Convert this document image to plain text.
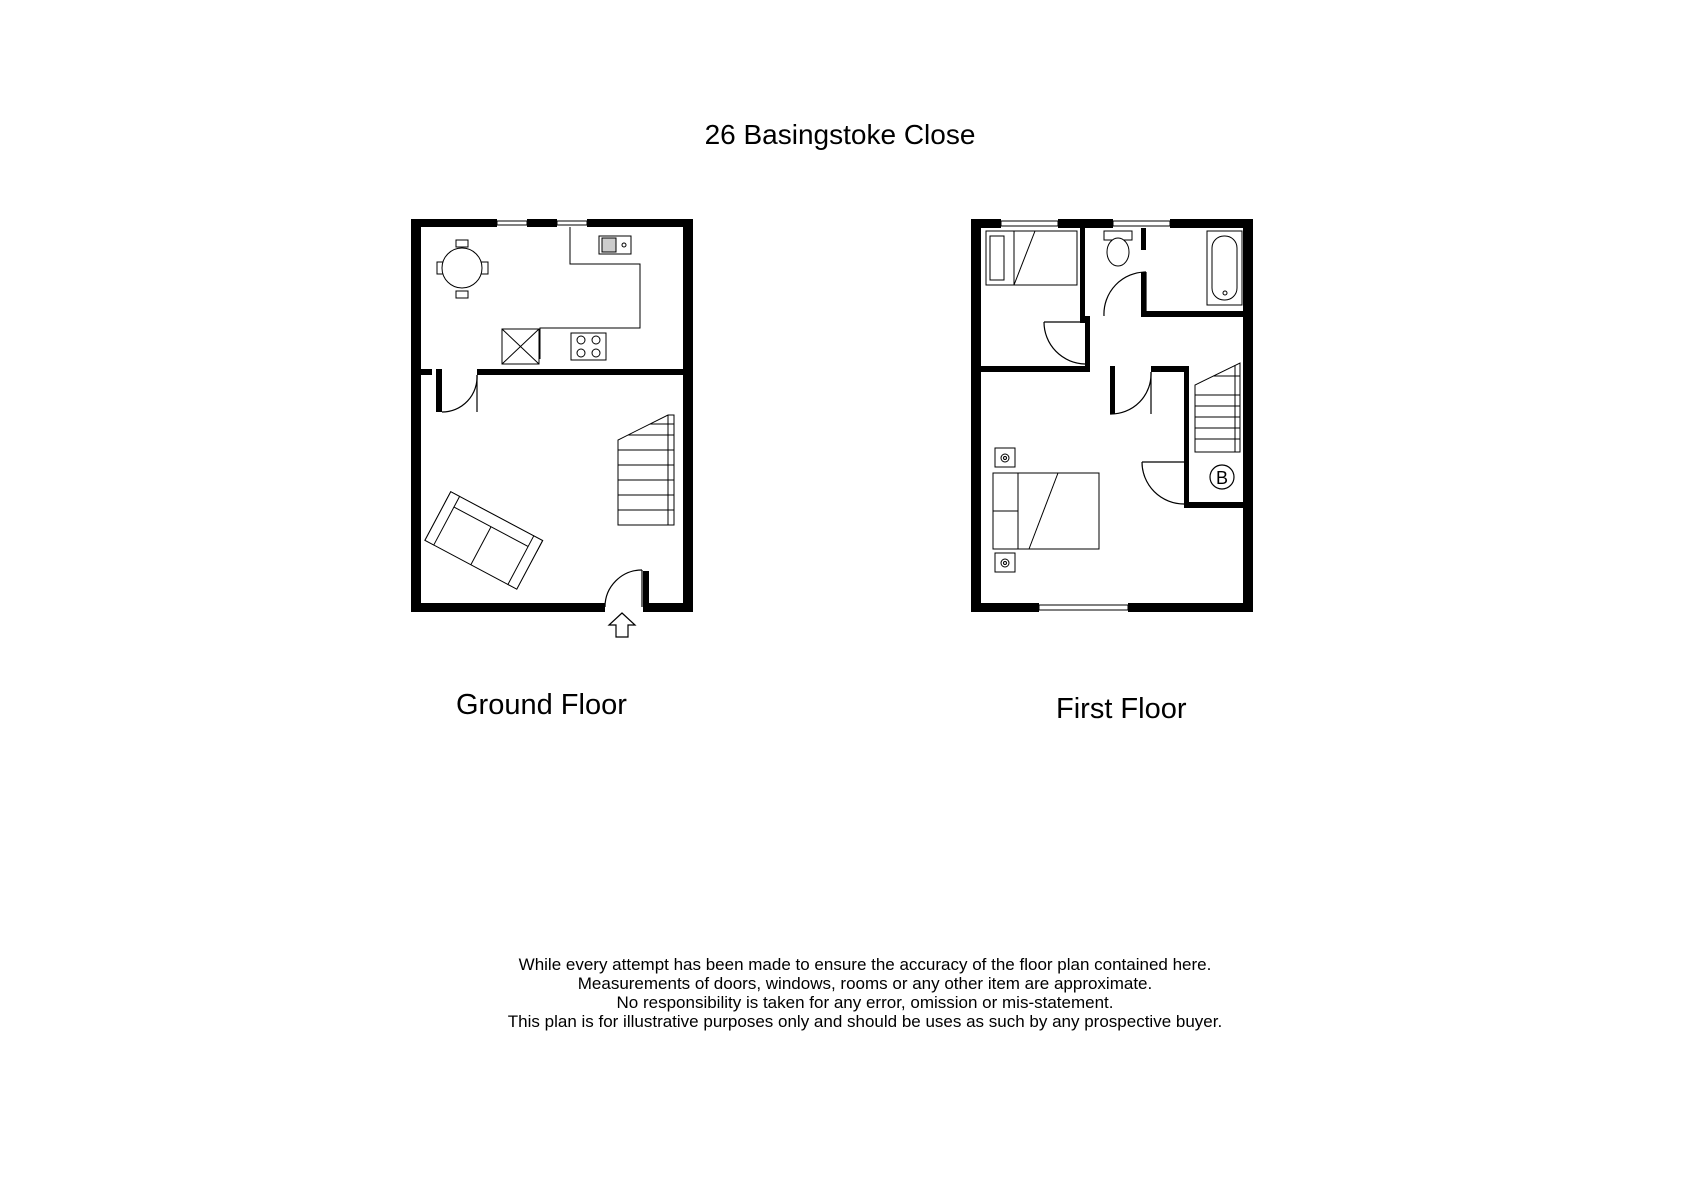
26 Basingstoke Close
B
Ground Floor	First Floor
While every attempt has been made to ensure the accuracy of the floor plan contained here.
Measurements of doors, windows, rooms or any other item are approximate.
No responsibility is taken for any error, omission or mis-statement.
This plan is for illustrative purposes only and should be uses as such by any prospective buyer.
